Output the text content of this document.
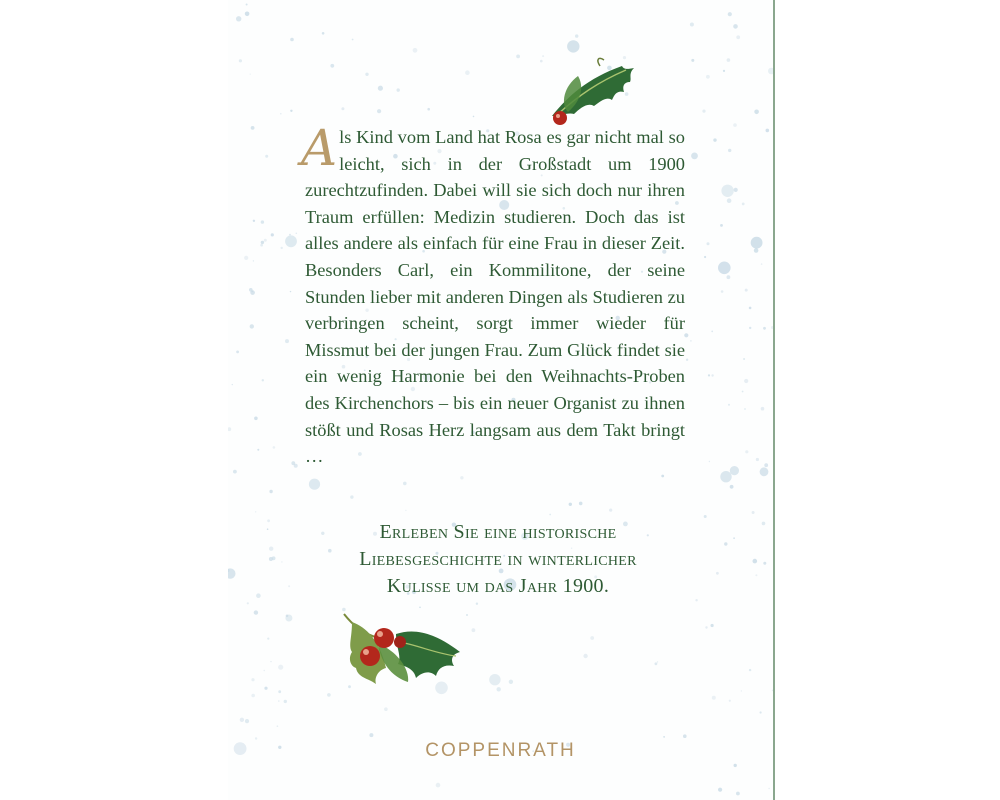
Als Kind vom Land hat Rosa es gar nicht mal so leicht, sich in der Großstadt um 1900 zurechtzufinden. Dabei will sie sich doch nur ihren Traum erfüllen: Medizin studieren. Doch das ist alles andere als einfach für eine Frau in dieser Zeit. Besonders Carl, ein Kommilitone, der seine Stunden lieber mit anderen Dingen als Studieren zu verbringen scheint, sorgt immer wieder für Missmut bei der jungen Frau. Zum Glück findet sie ein wenig Harmonie bei den Weihnachts-Proben des Kirchenchors – bis ein neuer Organist zu ihnen stößt und Rosas Herz langsam aus dem Takt bringt …

Erleben Sie eine historische
Liebesgeschichte in winterlicher
Kulisse um das Jahr 1900.

COPPENRATH
